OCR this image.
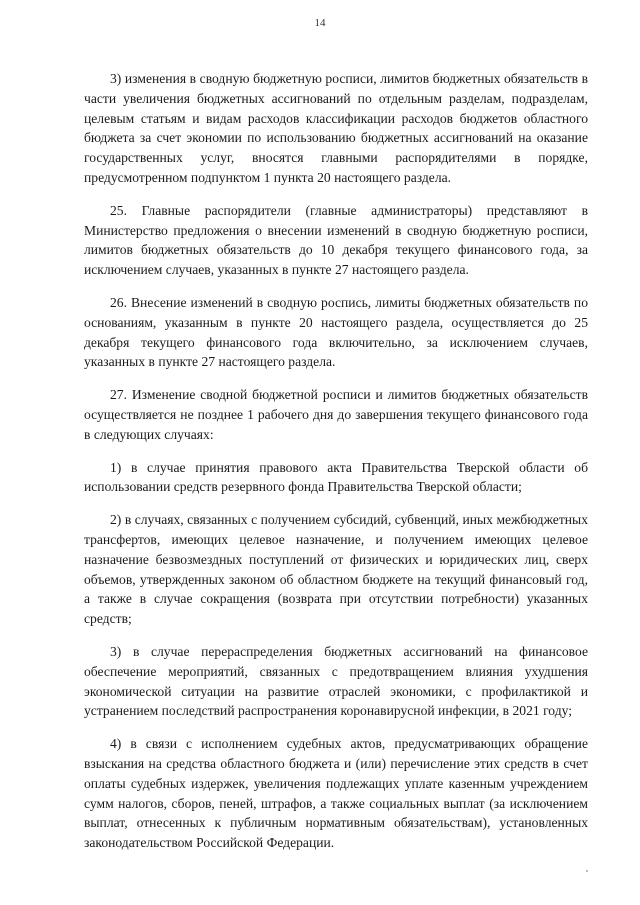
14

3) изменения в сводную бюджетную росписи, лимитов бюджетных обязательств в части увеличения бюджетных ассигнований по отдельным разделам, подразделам, целевым статьям и видам расходов классификации расходов бюджетов областного бюджета за счет экономии по использованию бюджетных ассигнований на оказание государственных услуг, вносятся главными распорядителями в порядке, предусмотренном подпунктом 1 пункта 20 настоящего раздела.

25. Главные распорядители (главные администраторы) представляют в Министерство предложения о внесении изменений в сводную бюджетную росписи, лимитов бюджетных обязательств до 10 декабря текущего финансового года, за исключением случаев, указанных в пункте 27 настоящего раздела.

26. Внесение изменений в сводную роспись, лимиты бюджетных обязательств по основаниям, указанным в пункте 20 настоящего раздела, осуществляется до 25 декабря текущего финансового года включительно, за исключением случаев, указанных в пункте 27 настоящего раздела.

27. Изменение сводной бюджетной росписи и лимитов бюджетных обязательств осуществляется не позднее 1 рабочего дня до завершения текущего финансового года в следующих случаях:

1) в случае принятия правового акта Правительства Тверской области об использовании средств резервного фонда Правительства Тверской области;

2) в случаях, связанных с получением субсидий, субвенций, иных межбюджетных трансфертов, имеющих целевое назначение, и получением имеющих целевое назначение безвозмездных поступлений от физических и юридических лиц, сверх объемов, утвержденных законом об областном бюджете на текущий финансовый год, а также в случае сокращения (возврата при отсутствии потребности) указанных средств;

3) в случае перераспределения бюджетных ассигнований на финансовое обеспечение мероприятий, связанных с предотвращением влияния ухудшения экономической ситуации на развитие отраслей экономики, с профилактикой и устранением последствий распространения коронавирусной инфекции, в 2021 году;

4) в связи с исполнением судебных актов, предусматривающих обращение взыскания на средства областного бюджета и (или) перечисление этих средств в счет оплаты судебных издержек, увеличения подлежащих уплате казенным учреждением сумм налогов, сборов, пеней, штрафов, а также социальных выплат (за исключением выплат, отнесенных к публичным нормативным обязательствам), установленных законодательством Российской Федерации.
